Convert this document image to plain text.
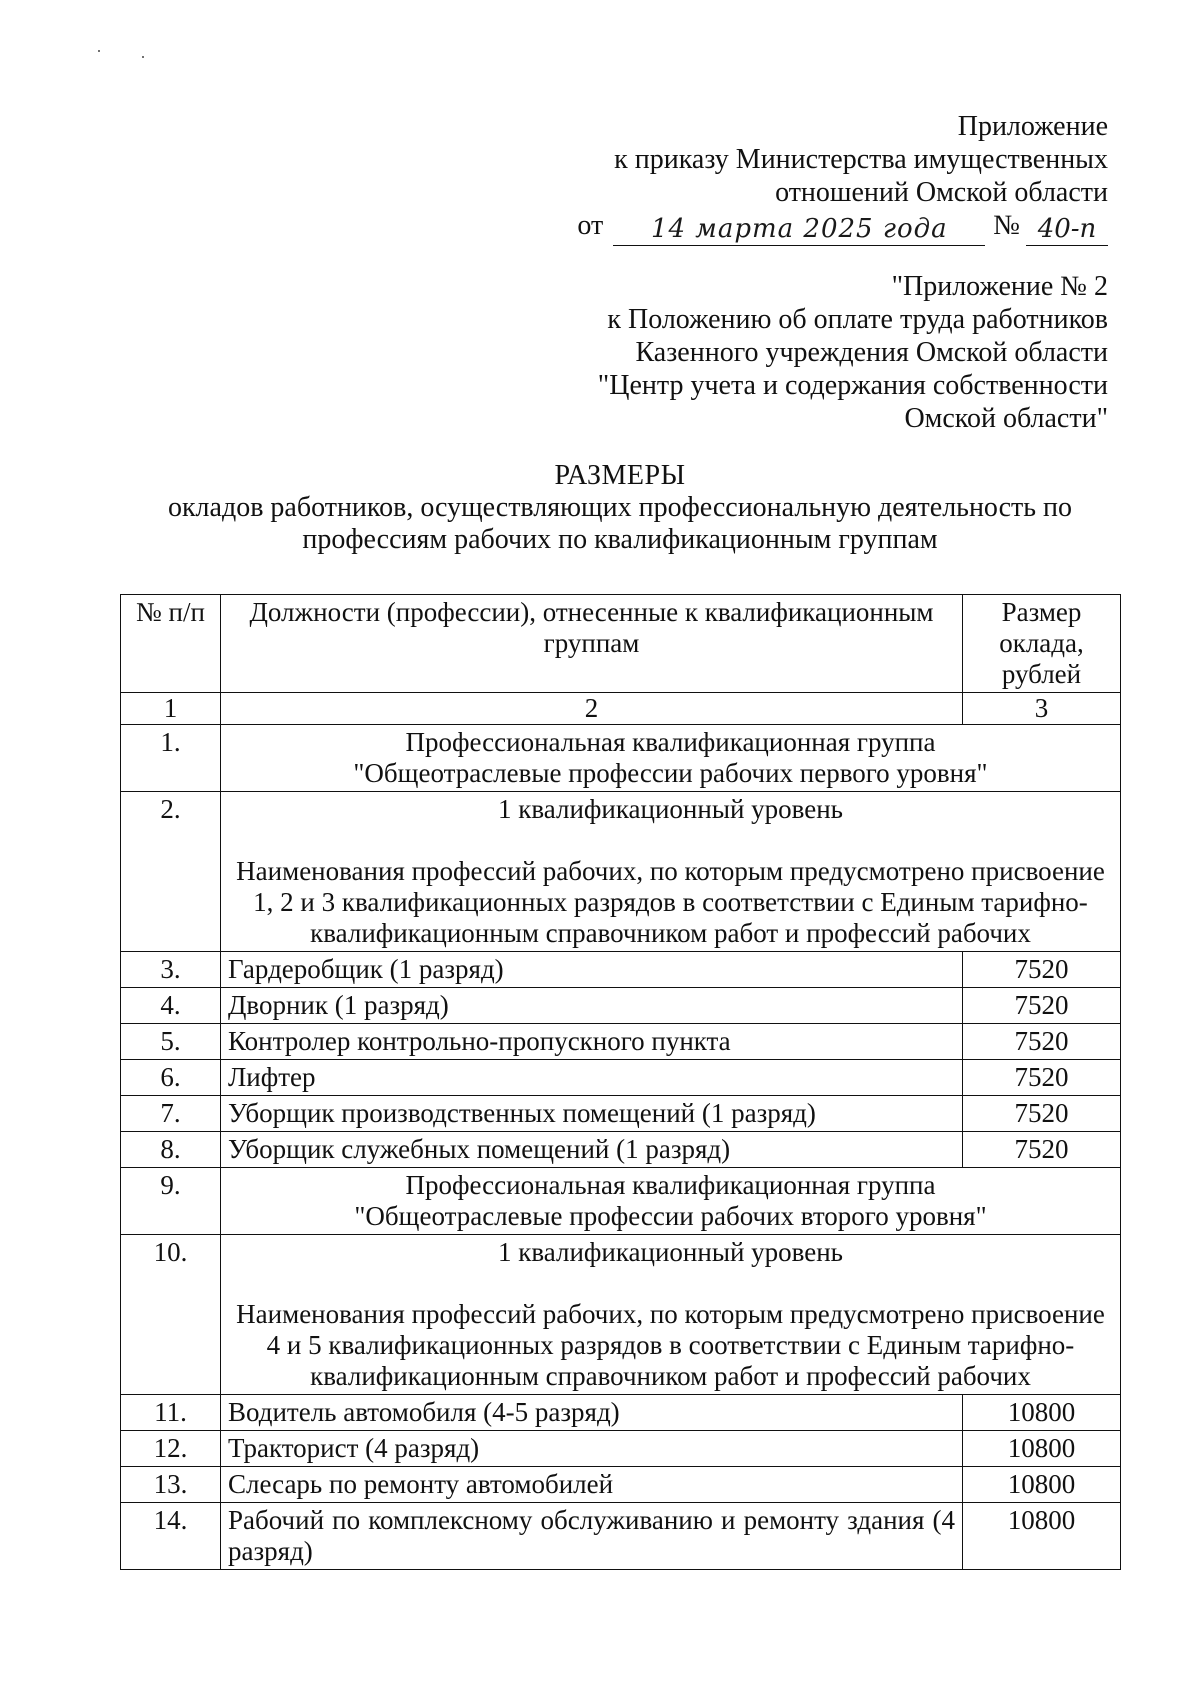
Приложение
к приказу Министерства имущественных
отношений Омской области
от	14 марта 2025 года	№ 40-п
"Приложение № 2
к Положению об оплате труда работников
Казенного учреждения Омской области
"Центр учета и содержания собственности
Омской области"
РАЗМЕРЫ
окладов работников, осуществляющих профессиональную деятельность по
профессиям рабочих по квалификационным группам
№ п/п	Должности (профессии), отнесенные к квалификационным группам	Размер
оклада,
рублей

1	2	3
1.	Профессиональная квалификационная группа
"Общеотраслевые профессии рабочих первого уровня"	

2.	1 квалификационный уровень
Наименования профессий рабочих, по которым предусмотрено присвоение 1, 2 и 3 квалификационных разрядов в соответствии с Единым тарифно-квалификационным справочником работ и профессий рабочих	

3.	Гардеробщик (1 разряд)	7520
4.	Дворник (1 разряд)	7520
5.	Контролер контрольно-пропускного пункта	7520
6.	Лифтер	7520
7.	Уборщик производственных помещений (1 разряд)	7520
8.	Уборщик служебных помещений (1 разряд)	7520
9.	Профессиональная квалификационная группа
"Общеотраслевые профессии рабочих второго уровня"	

10.	1 квалификационный уровень
Наименования профессий рабочих, по которым предусмотрено присвоение 4 и 5 квалификационных разрядов в соответствии с Единым тарифно-квалификационным справочником работ и профессий рабочих	

11.	Водитель автомобиля (4-5 разряд)	10800
12.	Тракторист (4 разряд)	10800
13.	Слесарь по ремонту автомобилей	10800
14.	Рабочий по комплексному обслуживанию и ремонту здания (4 разряд)	10800
